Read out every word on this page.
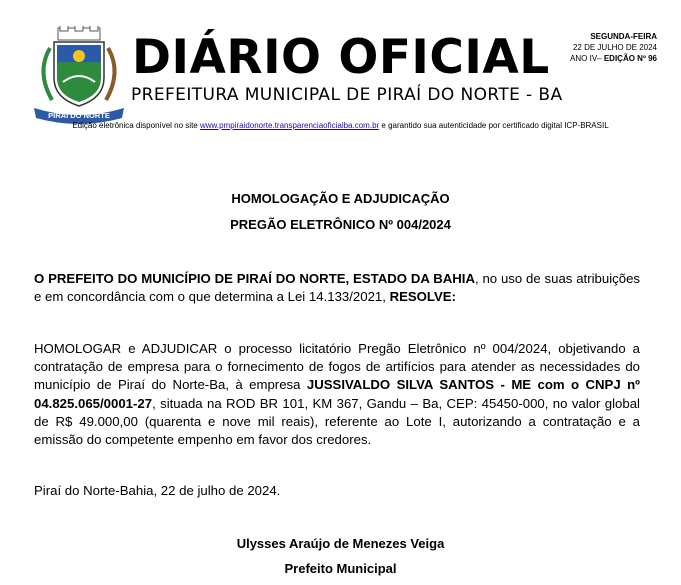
PIRAÍ DO NORTE
DIÁRIO OFICIAL
PREFEITURA MUNICIPAL DE PIRAÍ DO NORTE - BA
SEGUNDA-FEIRA
22 DE JULHO DE 2024
ANO IV– EDIÇÃO Nº 96
Edição eletrônica disponível no site www.pmpiraidonorte.transparenciaoficialba.com.br e garantido sua autenticidade por certificado digital ICP-BRASIL
HOMOLOGAÇÃO E ADJUDICAÇÃO
PREGÃO ELETRÔNICO Nº 004/2024
O PREFEITO DO MUNICÍPIO DE PIRAÍ DO NORTE, ESTADO DA BAHIA, no uso de suas atribuições e em concordância com o que determina a Lei 14.133/2021, RESOLVE:
HOMOLOGAR e ADJUDICAR o processo licitatório Pregão Eletrônico nº 004/2024, objetivando a contratação de empresa para o fornecimento de fogos de artifícios para atender as necessidades do município de Piraí do Norte-Ba, à empresa JUSSIVALDO SILVA SANTOS - ME com o CNPJ nº 04.825.065/0001-27, situada na ROD BR 101, KM 367, Gandu – Ba, CEP: 45450-000, no valor global de R$ 49.000,00 (quarenta e nove mil reais), referente ao Lote I, autorizando a contratação e a emissão do competente empenho em favor dos credores.
Piraí do Norte-Bahia, 22 de julho de 2024.
Ulysses Araújo de Menezes Veiga
Prefeito Municipal
